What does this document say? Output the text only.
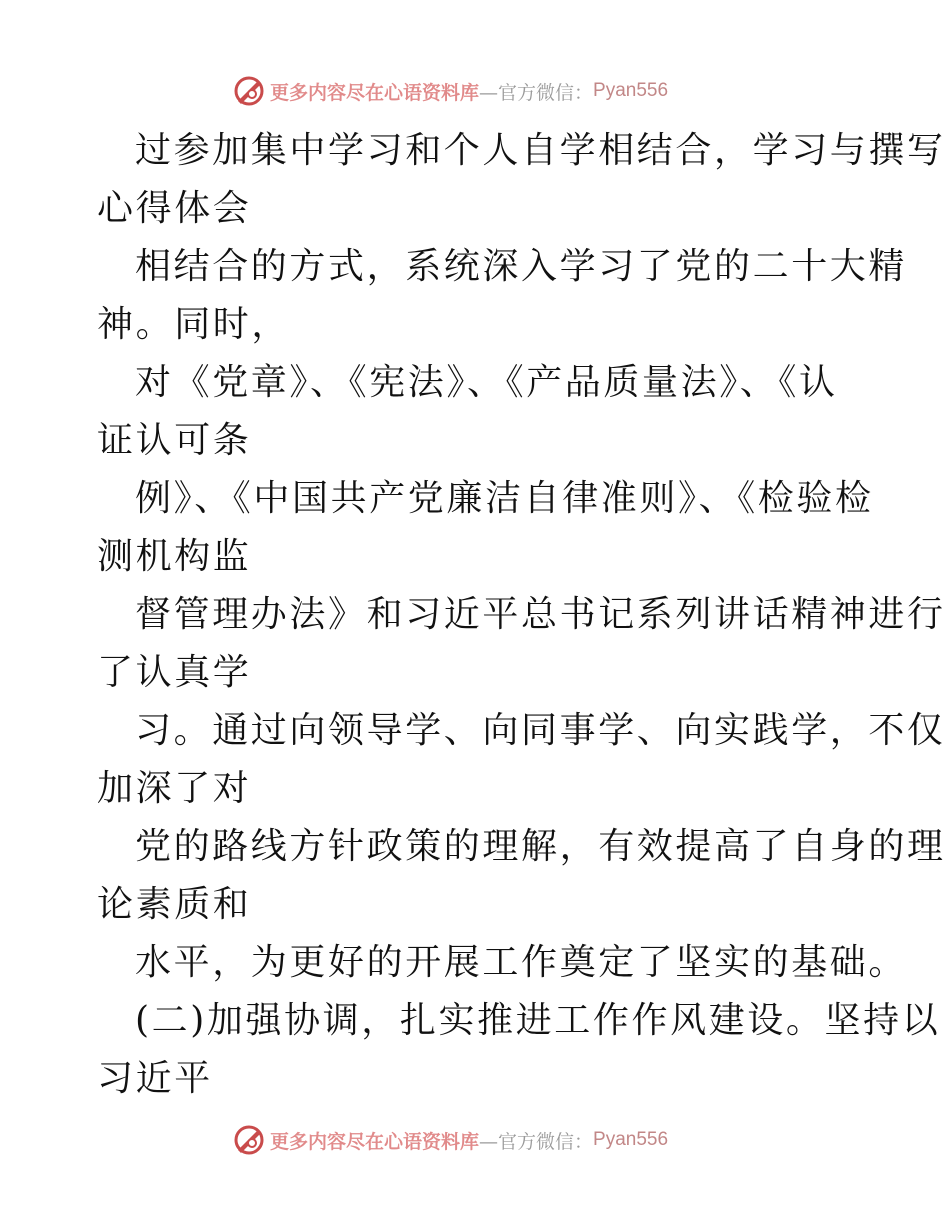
更多内容尽在心语资料库 —官方微信： Pyan556
过参加集中学习和个人自学相结合，学习与撰写
心得体会
相结合的方式，系统深入学习了党的二十大精
神。同时，
对《党章》、《宪法》、《产品质量法》、《认
证认可条
例》、《中国共产党廉洁自律准则》、《检验检
测机构监
督管理办法》和习近平总书记系列讲话精神进行
了认真学
习。通过向领导学、向同事学、向实践学，不仅
加深了对
党的路线方针政策的理解，有效提高了自身的理
论素质和
水平，为更好的开展工作奠定了坚实的基础。
(二)加强协调，扎实推进工作作风建设。坚持以
习近平
更多内容尽在心语资料库 —官方微信： Pyan556
